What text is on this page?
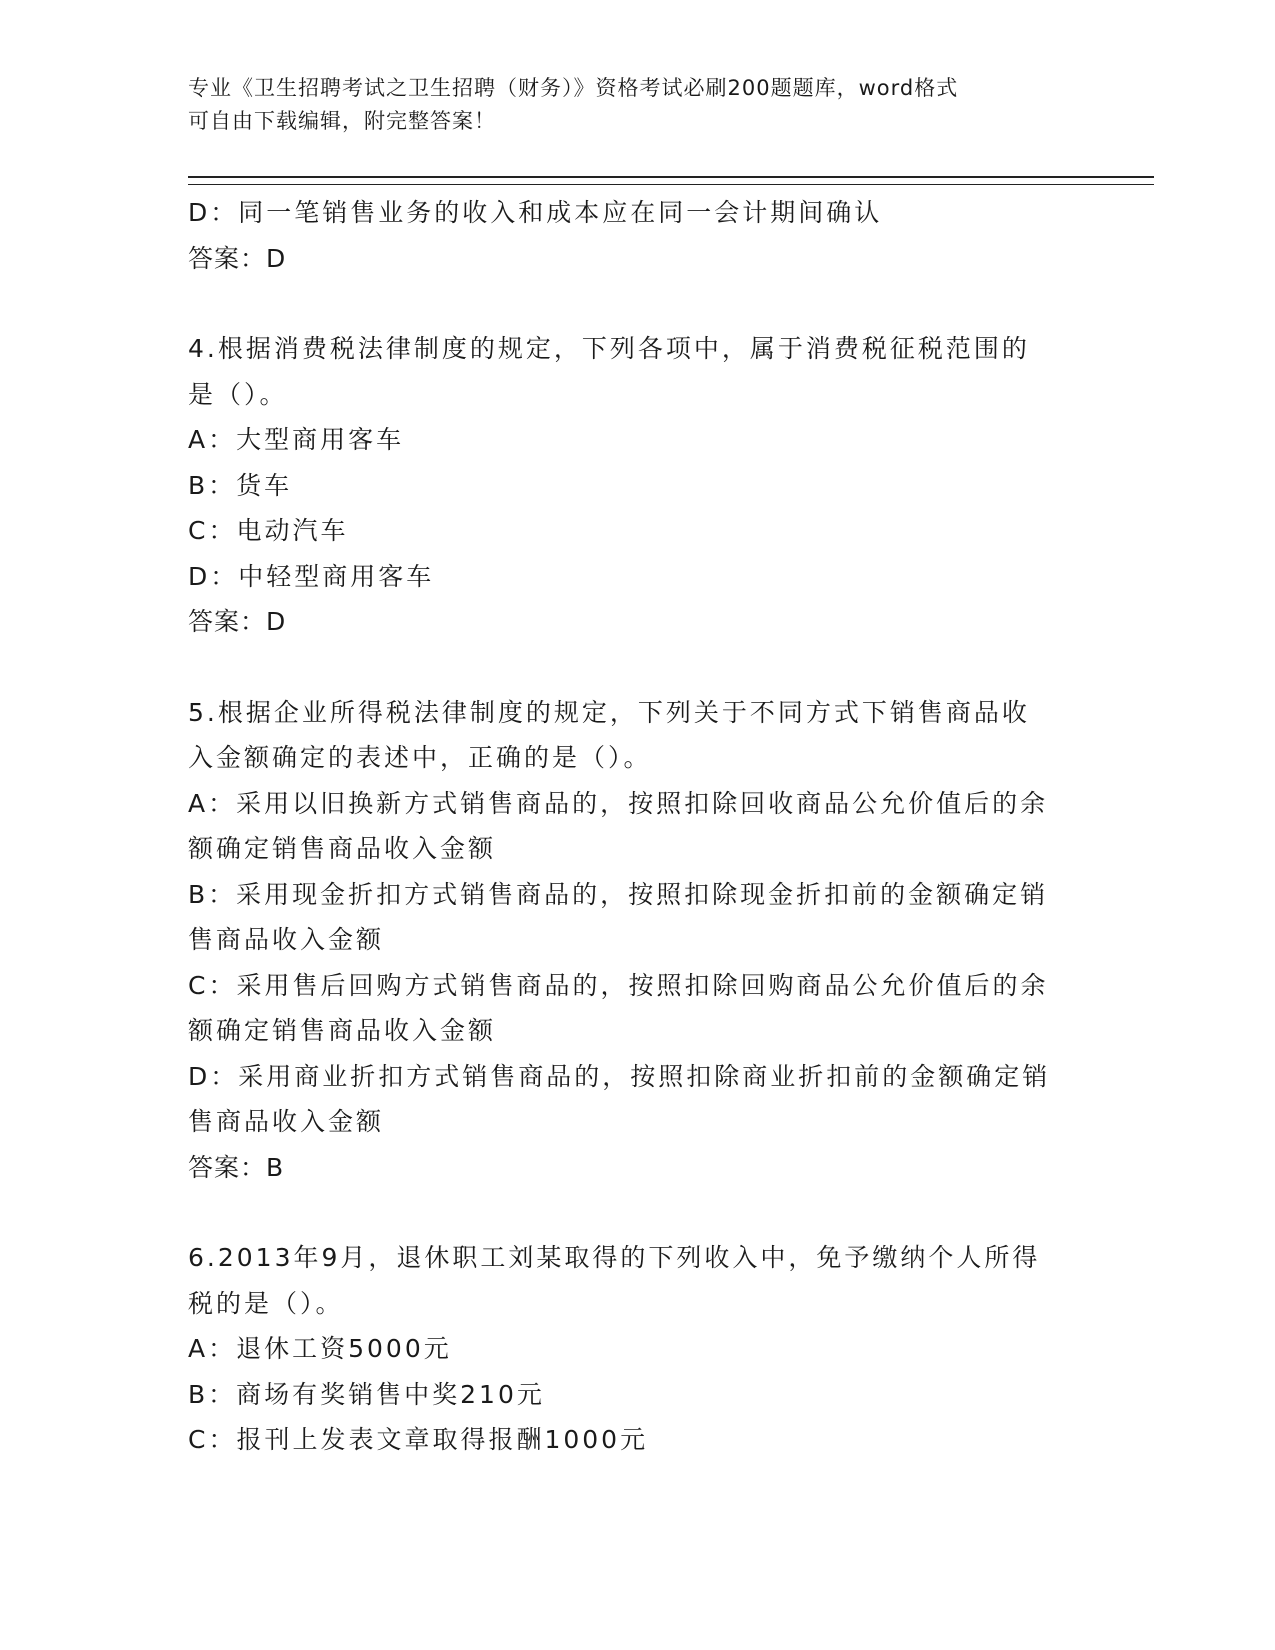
专业《卫生招聘考试之卫生招聘（财务）》资格考试必刷200题题库，word格式
可自由下载编辑，附完整答案！
D：同一笔销售业务的收入和成本应在同一会计期间确认
答案：D
4.根据消费税法律制度的规定，下列各项中，属于消费税征税范围的
是（）。
A：大型商用客车
B：货车
C：电动汽车
D：中轻型商用客车
答案：D
5.根据企业所得税法律制度的规定，下列关于不同方式下销售商品收
入金额确定的表述中，正确的是（）。
A：采用以旧换新方式销售商品的，按照扣除回收商品公允价值后的余
额确定销售商品收入金额
B：采用现金折扣方式销售商品的，按照扣除现金折扣前的金额确定销
售商品收入金额
C：采用售后回购方式销售商品的，按照扣除回购商品公允价值后的余
额确定销售商品收入金额
D：采用商业折扣方式销售商品的，按照扣除商业折扣前的金额确定销
售商品收入金额
答案：B
6.2013年9月，退休职工刘某取得的下列收入中，免予缴纳个人所得
税的是（）。
A：退休工资5000元
B：商场有奖销售中奖210元
C：报刊上发表文章取得报酬1000元
